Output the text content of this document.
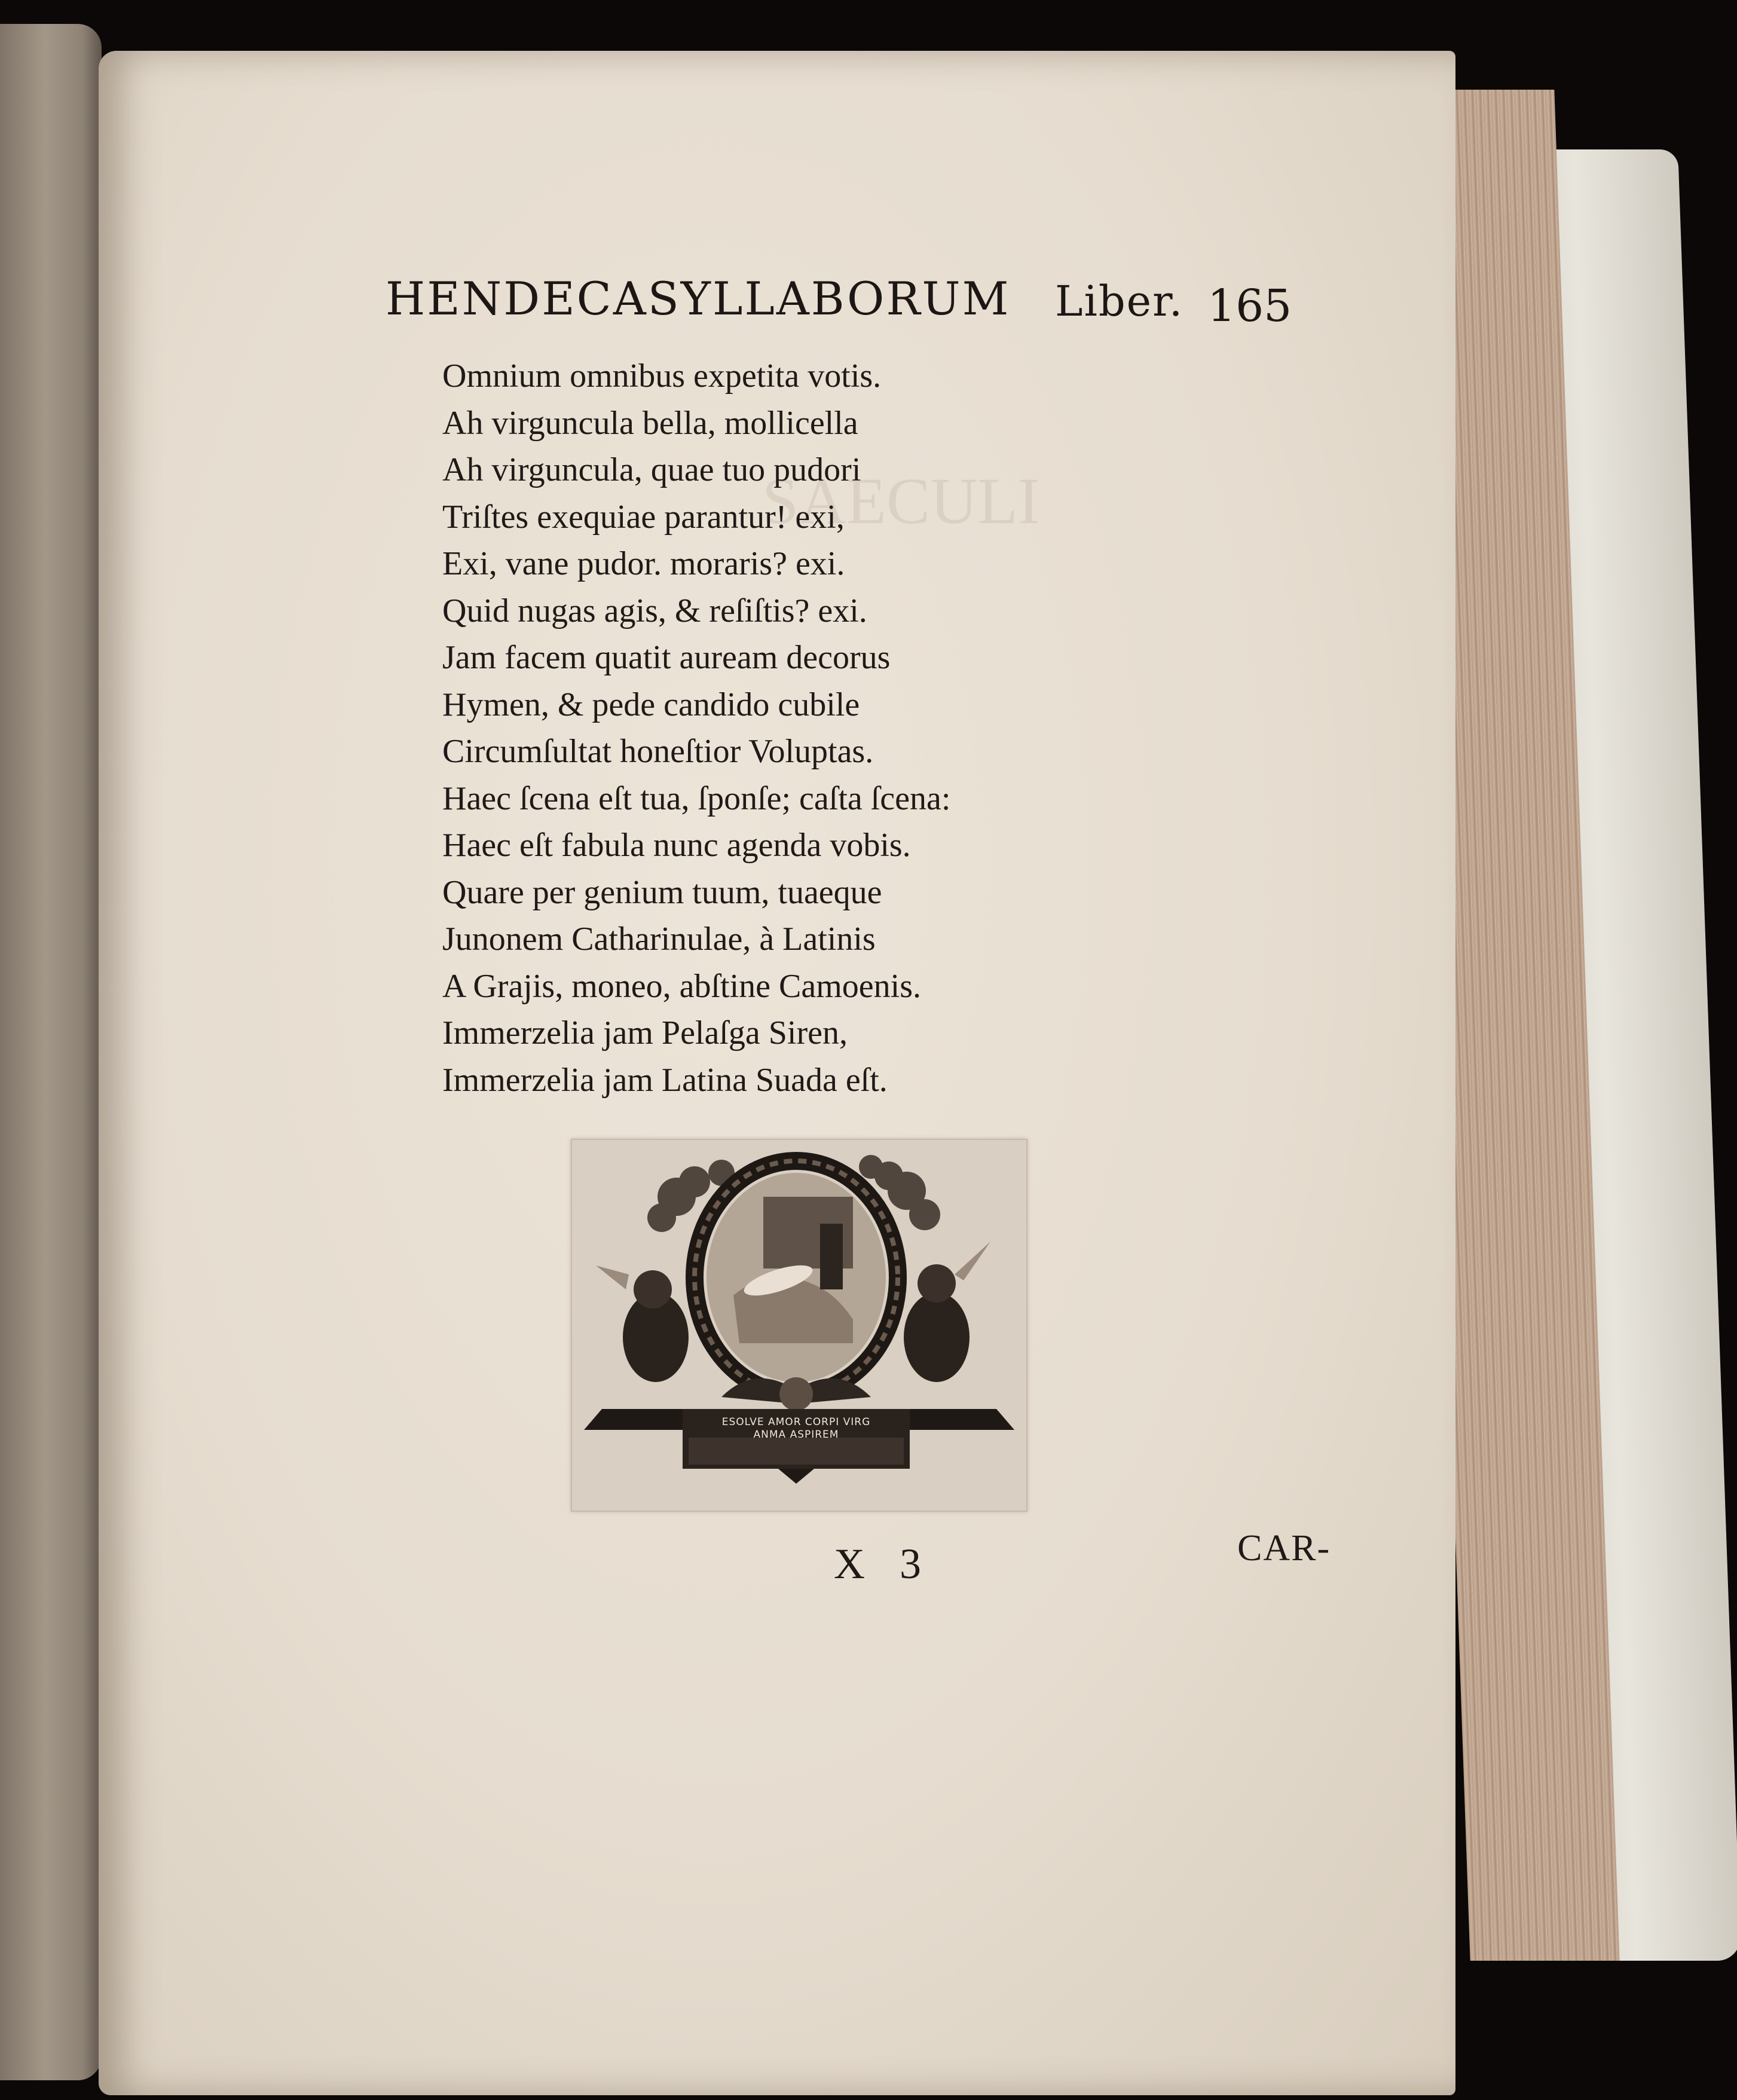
SAECULI
HENDECASYLLABORUM Liber. 165
Omnium omnibus expetita votis.
Ah virguncula bella, mollicella
Ah virguncula, quae tuo pudori
Triſtes exequiae parantur! exi,
Exi, vane pudor. moraris? exi.
Quid nugas agis, & reſiſtis? exi.
Jam facem quatit auream decorus
Hymen, & pede candido cubile
Circumſultat honeſtior Voluptas.
Haec ſcena eſt tua, ſponſe; caſta ſcena:
Haec eſt fabula nunc agenda vobis.
Quare per genium tuum, tuaeque
Junonem Catharinulae, à Latinis
A Grajis, moneo, abſtine Camoenis.
Immerzelia jam Pelaſga Siren,
Immerzelia jam Latina Suada eſt.
ESOLVE AMOR CORPI VIRG
ANMA ASPIREM
X 3	CAR-
